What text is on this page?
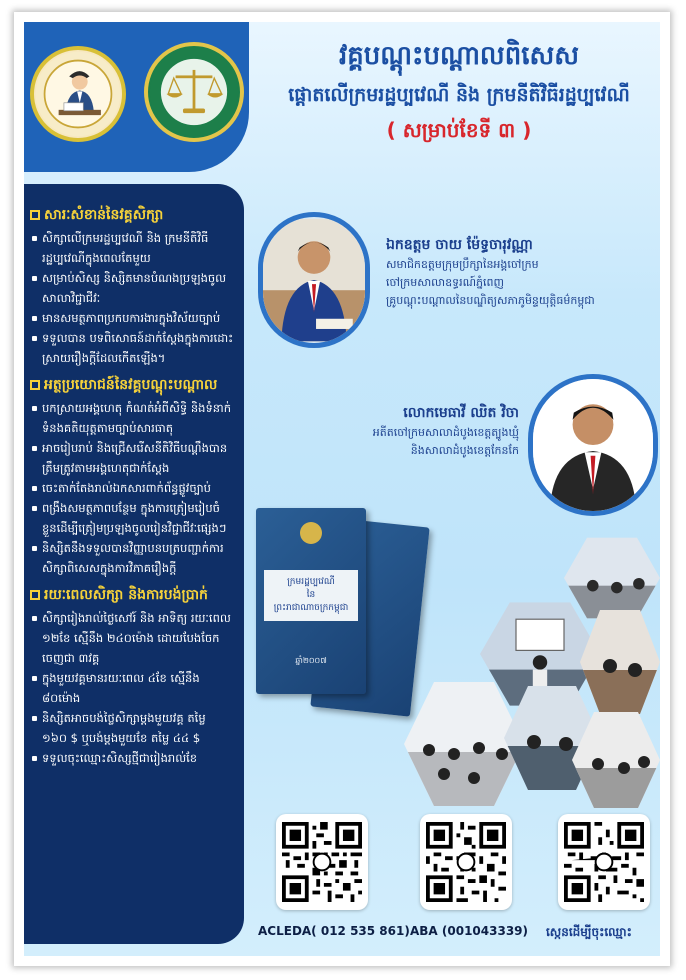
វគ្គបណ្តុះបណ្តាលពិសេស
ផ្តោតលើក្រមរដ្ឋប្បវេណី និង ក្រមនីតិវិធីរដ្ឋប្បវេណី
( សម្រាប់ខែទី ៣ )
សារៈសំខាន់នៃវគ្គសិក្សា
សិក្សាលើក្រមរដ្ឋប្បវេណី និង ក្រមនីតិវិធីរដ្ឋប្បវេណីក្នុងពេលតែមួយ
សម្រាប់សិស្ស និស្សិតមានបំណងប្រឡងចូលសាលាវិជ្ជាជីវៈ
មានសមត្ថភាពប្រកបការងារក្នុងវិស័យច្បាប់
ទទួលបាន បទពិសោធន៍ដាក់ស្តែងក្នុងការដោះស្រាយរឿងក្តីដែលកើតឡើង។
អត្ថប្រយោជន៍នៃវគ្គបណ្តុះបណ្តាល
បកស្រាយអង្គហេតុ កំណត់អំពីសិទ្ធិ និងទំនាក់ទំនងគតិយុត្តតាមច្បាប់សារធាតុ
អាចរៀបរាប់ និងជ្រើសរើសនីតិវិធីបណ្តឹងបានត្រឹមត្រូវតាមអង្គហេតុជាក់ស្តែង
ចេះតាក់តែងរាល់ឯកសារពាក់ព័ន្ធផ្លូវច្បាប់
ពង្រឹងសមត្ថភាពបន្ថែម ក្នុងការត្រៀមរៀបចំខ្លួនដើម្បីត្រៀមប្រឡងចូលរៀនវិជ្ជាជីវៈផ្សេងៗ
និស្សិតនឹងទទួលបានវិញ្ញាបនបត្របញ្ជាក់ការសិក្សាពិសេសក្នុងការវិភាគរឿងក្តី
រយៈពេលសិក្សា និងការបង់ប្រាក់
សិក្សារៀងរាល់ថ្ងៃសៅរ៍ និង អាទិត្យ រយៈពេល ១២ខែ ស្មើនឹង ២៤០ម៉ោង ដោយបែងចែកចេញជា ៣វគ្គ
ក្នុងមួយវគ្គមានរយៈពេល ៤ខែ ស្មើនឹង ៨០ម៉ោង
និស្សិតអាចបង់ថ្លៃសិក្សាម្តងមួយវគ្គ តម្លៃ ១៦០ $ ឬបង់ម្តងមួយខែ តម្លៃ ៤៤ $
ទទួលចុះឈ្មោះសិស្សថ្មីជារៀងរាល់ខែ
ឯកឧត្តម ចាយ ម៉ែទ្ធចារុវណ្ណា
សមាជិកឧត្តមក្រុមប្រឹក្សានៃអង្គចៅក្រម
ចៅក្រមសាលាឧទ្ធរណ៍ភ្នំពេញ
គ្រូបណ្តុះបណ្តាលនៃបណ្ឌិត្យសភាភូមិន្ទយុត្តិធម៌កម្ពុជា
លោកមេធាវី ឈិត វិចា
អតីតចៅក្រមសាលាដំបូងខេត្តត្បូងឃ្មុំ
និងសាលាដំបូងខេត្តកែនកែ
ក្រមរដ្ឋប្បវេណី
នៃ
ព្រះរាជាណាចក្រកម្ពុជា
ឆ្នាំ២០០៧
ACLEDA( 012 535 861) ABA (001043339) ស្កេនដើម្បីចុះឈ្មោះ
